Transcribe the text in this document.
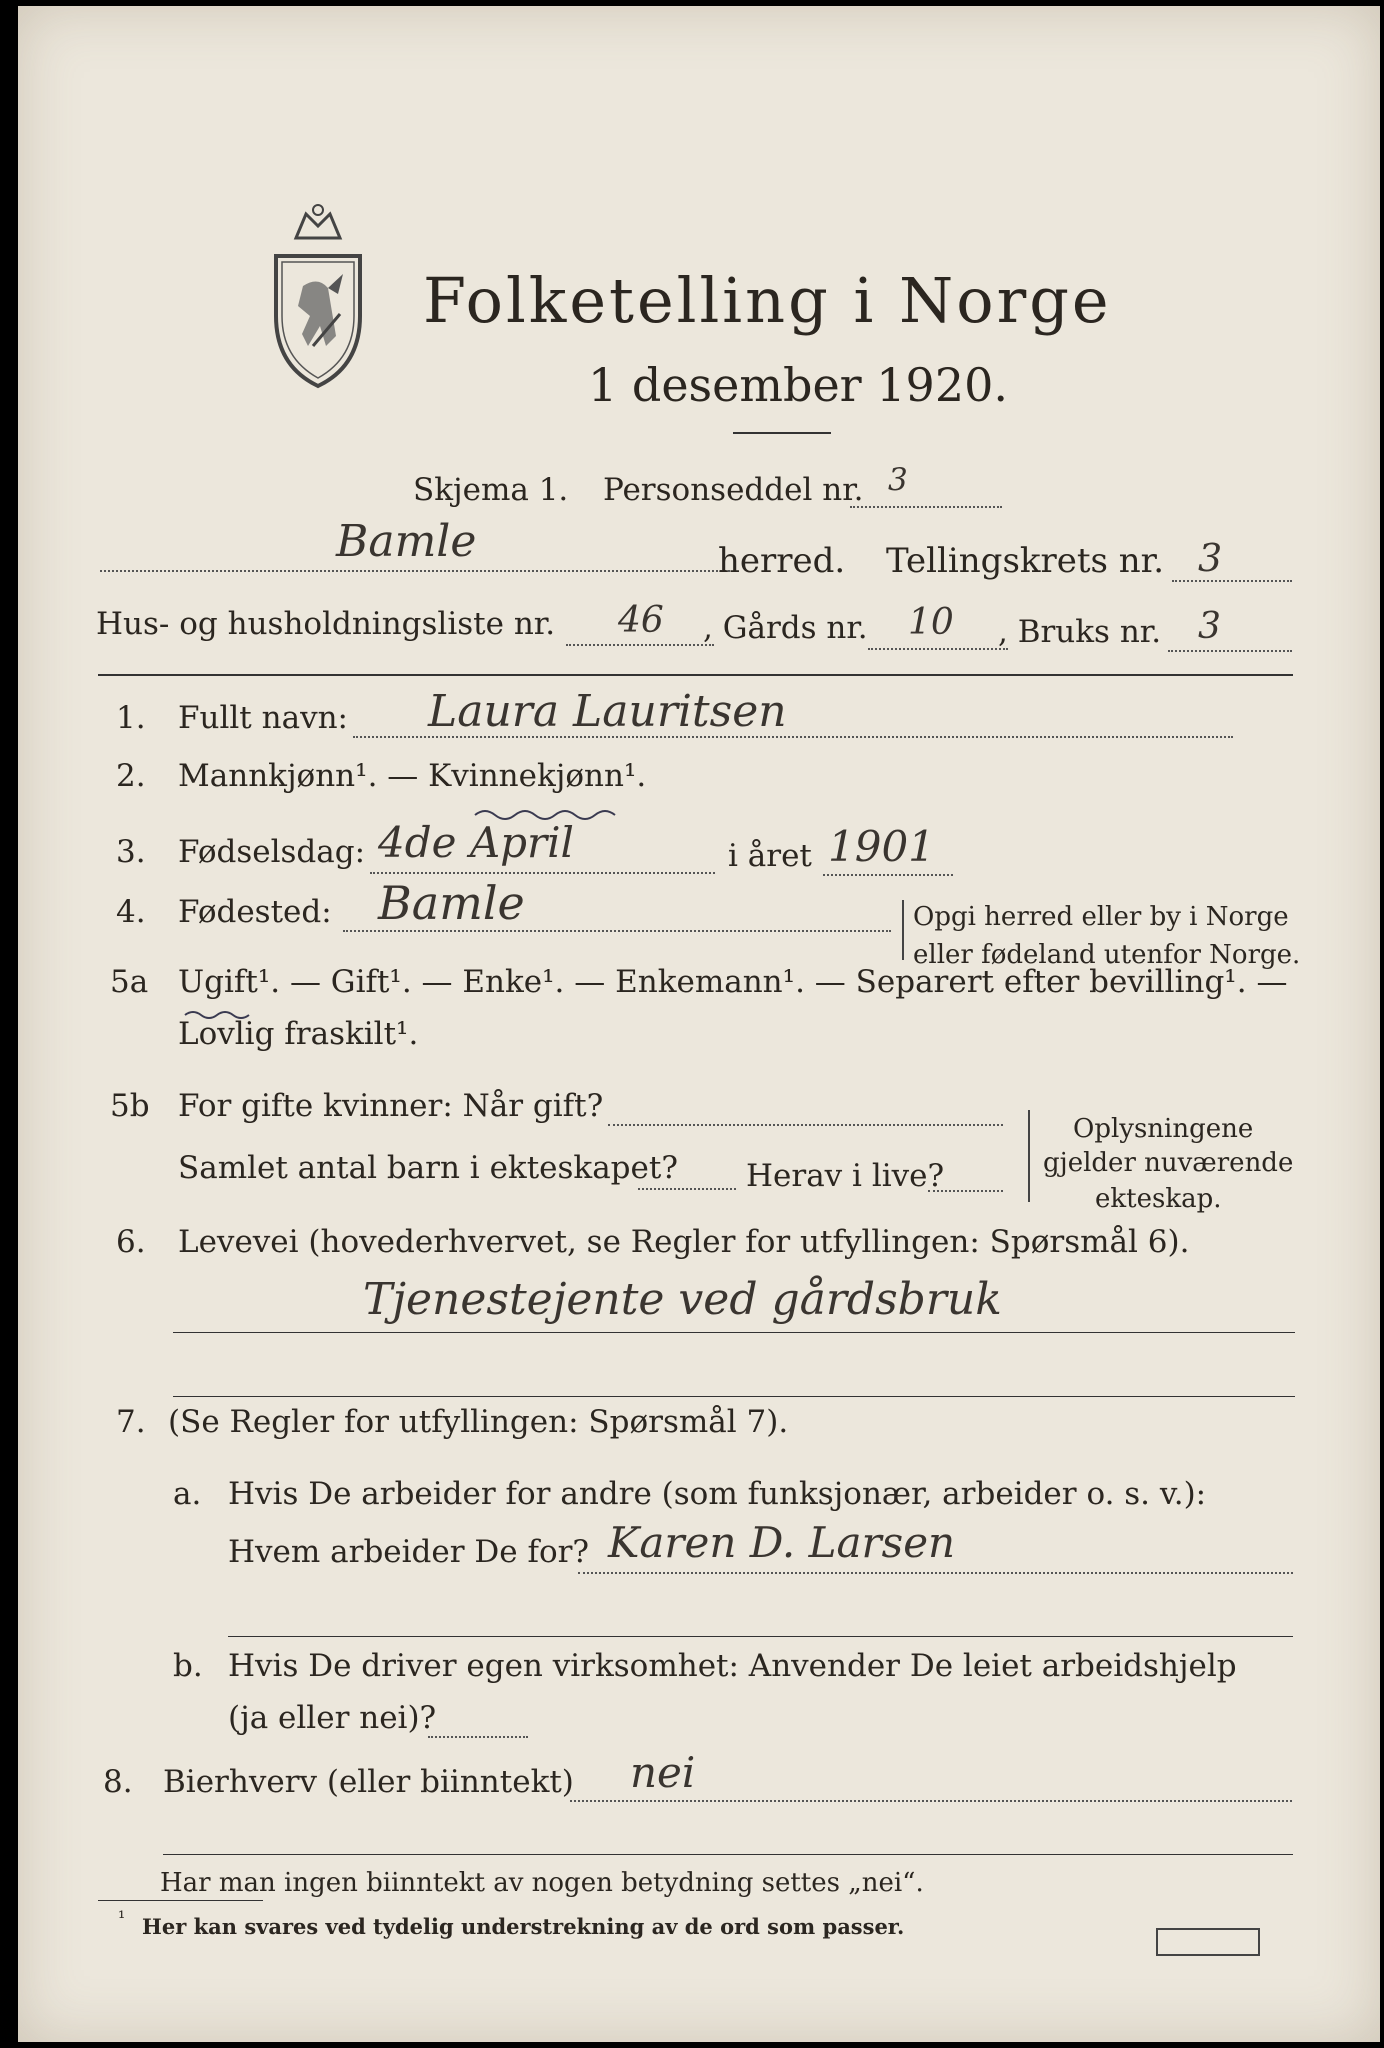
Folketelling i Norge
1 desember 1920.
Skjema 1. Personseddel nr. 3
Bamle	herred. Tellingskrets nr. 3
Hus- og husholdningsliste nr. 46 , Gårds nr. 10 , Bruks nr. 3
1. Fullt navn: Laura Lauritsen
2. Mannkjønn¹. — Kvinnekjønn¹.
3. Fødselsdag: 4de April	i året 1901
4. Fødested: Bamle	Opgi herred eller by i Norge
eller fødeland utenfor Norge.
5a Ugift¹. — Gift¹. — Enke¹. — Enkemann¹. — Separert efter bevilling¹. —
Lovlig fraskilt¹.
5b For gifte kvinner: Når gift?
Samlet antal barn i ekteskapet? Herav i live?
Oplysningene
gjelder nuværende
ekteskap.
6. Levevei (hovederhvervet, se Regler for utfyllingen: Spørsmål 6).
Tjenestejente ved gårdsbruk
7. (Se Regler for utfyllingen: Spørsmål 7).
a. Hvis De arbeider for andre (som funksjonær, arbeider o. s. v.):
Hvem arbeider De for? Karen D. Larsen
b. Hvis De driver egen virksomhet: Anvender De leiet arbeidshjelp
(ja eller nei)?
8. Bierhverv (eller biinntekt) nei
Har man ingen biinntekt av nogen betydning settes „nei“.
¹ Her kan svares ved tydelig understrekning av de ord som passer.
